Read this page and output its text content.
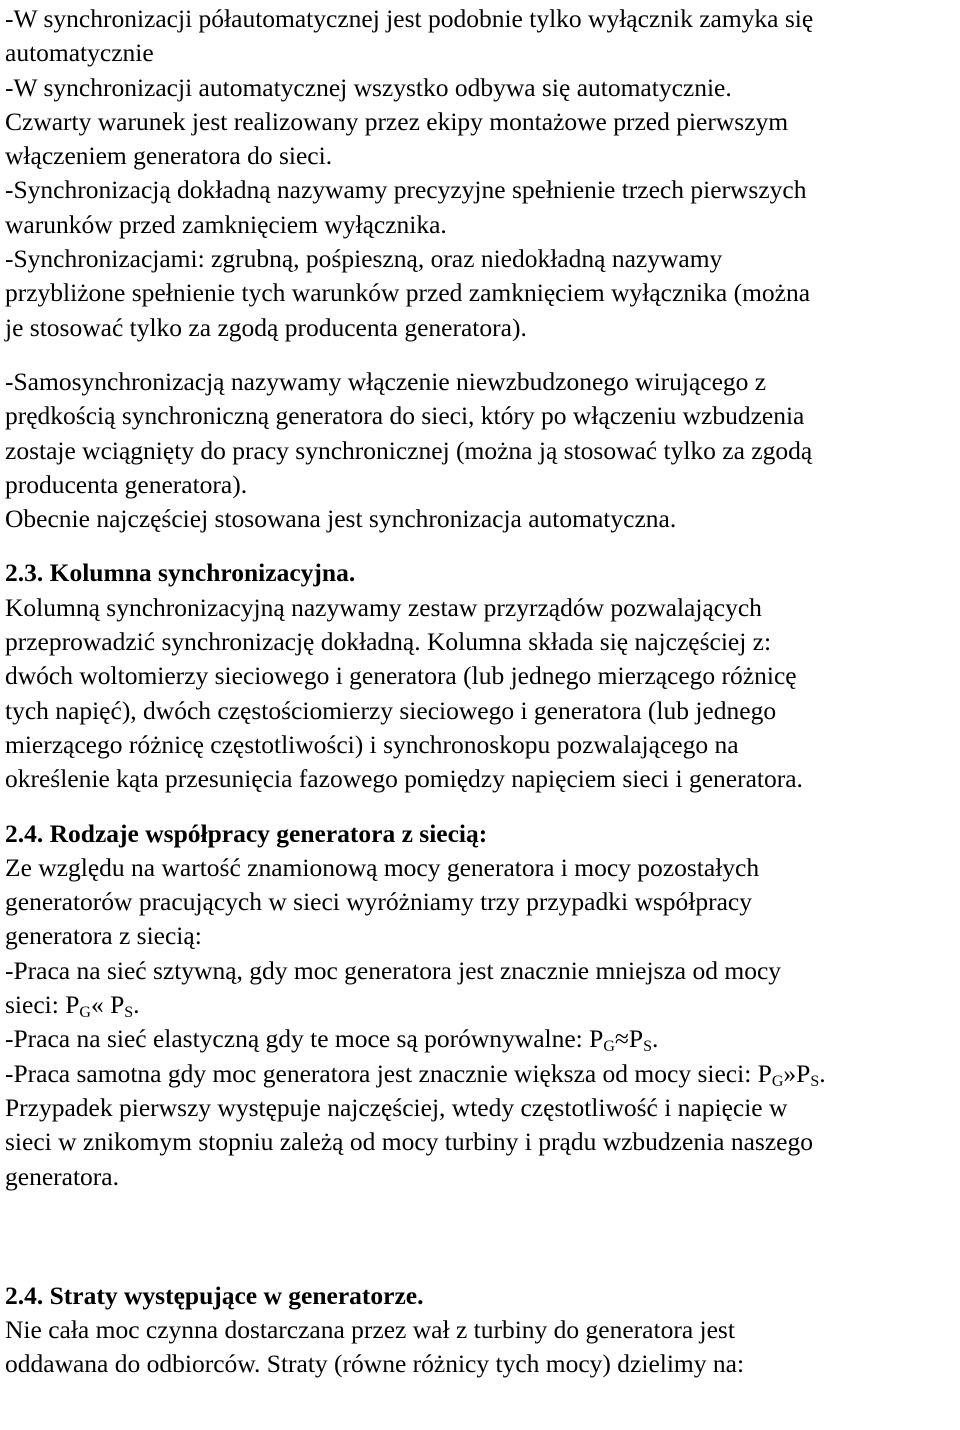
-W synchronizacji półautomatycznej jest podobnie tylko wyłącznik zamyka się
automatycznie
-W synchronizacji automatycznej wszystko odbywa się automatycznie.
Czwarty warunek jest realizowany przez ekipy montażowe przed pierwszym
włączeniem generatora do sieci.
-Synchronizacją dokładną nazywamy precyzyjne spełnienie trzech pierwszych
warunków przed zamknięciem wyłącznika.
-Synchronizacjami: zgrubną, pośpieszną, oraz niedokładną nazywamy
przybliżone spełnienie tych warunków przed zamknięciem wyłącznika (można
je stosować tylko za zgodą producenta generatora).
-Samosynchronizacją nazywamy włączenie niewzbudzonego wirującego z
prędkością synchroniczną generatora do sieci, który po włączeniu wzbudzenia
zostaje wciągnięty do pracy synchronicznej (można ją stosować tylko za zgodą
producenta generatora).
Obecnie najczęściej stosowana jest synchronizacja automatyczna.
2.3. Kolumna synchronizacyjna.
Kolumną synchronizacyjną nazywamy zestaw przyrządów pozwalających
przeprowadzić synchronizację dokładną. Kolumna składa się najczęściej z:
dwóch woltomierzy sieciowego i generatora (lub jednego mierzącego różnicę
tych napięć), dwóch częstościomierzy sieciowego i generatora (lub jednego
mierzącego różnicę częstotliwości) i synchronoskopu pozwalającego na
określenie kąta przesunięcia fazowego pomiędzy napięciem sieci i generatora.
2.4. Rodzaje współpracy generatora z siecią:
Ze względu na wartość znamionową mocy generatora i mocy pozostałych
generatorów pracujących w sieci wyróżniamy trzy przypadki współpracy
generatora z siecią:
-Praca na sieć sztywną, gdy moc generatora jest znacznie mniejsza od mocy
sieci: $P_G«$ $P_S$.
-Praca na sieć elastyczną gdy te moce są porównywalne: $P_G\approx P_S$.
-Praca samotna gdy moc generatora jest znacznie większa od mocy sieci: $P_G»P_S$.
Przypadek pierwszy występuje najczęściej, wtedy częstotliwość i napięcie w
sieci w znikomym stopniu zależą od mocy turbiny i prądu wzbudzenia naszego
generatora.
2.4. Straty występujące w generatorze.
Nie cała moc czynna dostarczana przez wał z turbiny do generatora jest
oddawana do odbiorców. Straty (równe różnicy tych mocy) dzielimy na:
